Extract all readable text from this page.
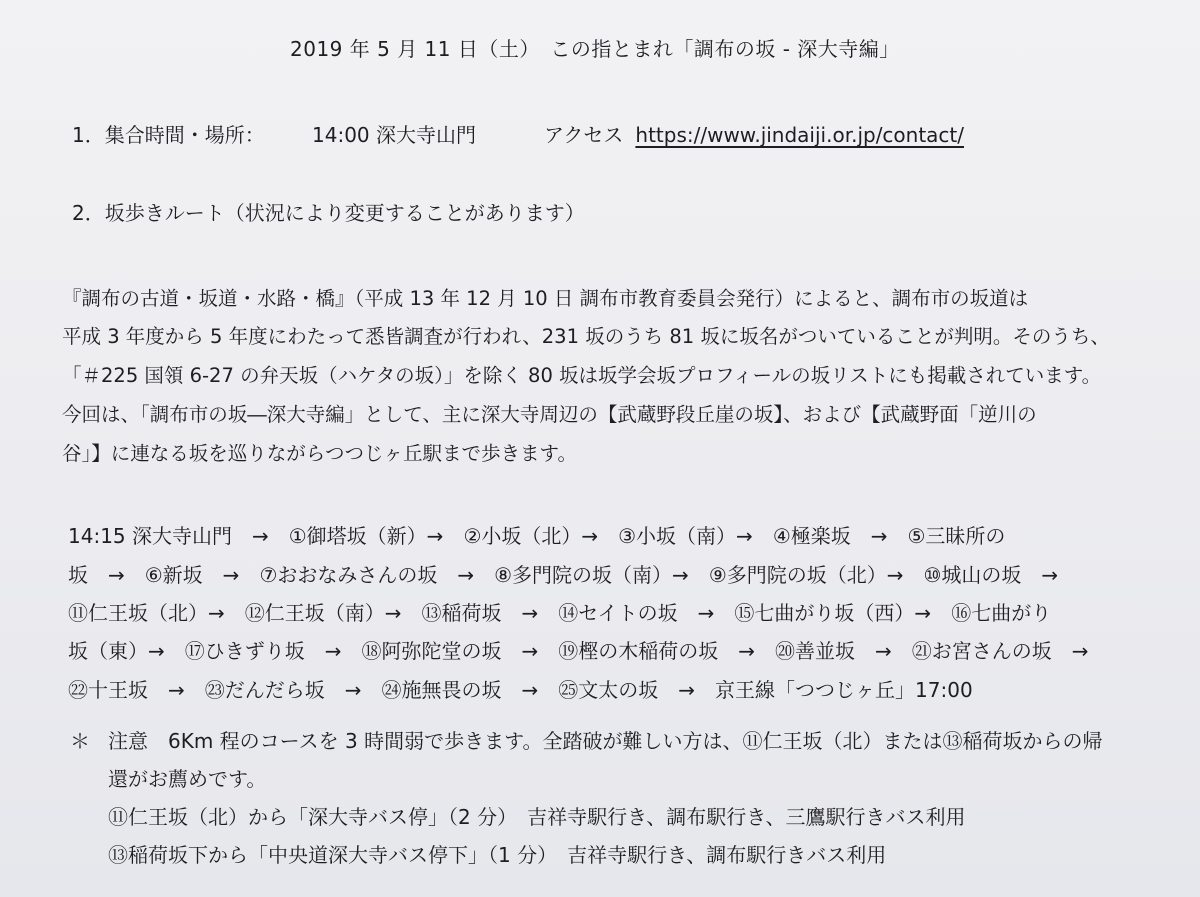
2019 年 5 月 11 日（土）　この指とまれ「調布の坂 - 深大寺編」
1．集合時間・場所： 14:00 深大寺山門	アクセス https://www.jindaiji.or.jp/contact/
2．坂歩きルート（状況により変更することがあります）
『調布の古道・坂道・水路・橋』（平成 13 年 12 月 10 日 調布市教育委員会発行）によると、調布市の坂道は
平成 3 年度から 5 年度にわたって悉皆調査が行われ、231 坂のうち 81 坂に坂名がついていることが判明。そのうち、
「＃225 国領 6-27 の弁天坂（ハケタの坂）」を除く 80 坂は坂学会坂プロフィールの坂リストにも掲載されています。
今回は、「調布市の坂―深大寺編」として、主に深大寺周辺の【武蔵野段丘崖の坂】、および【武蔵野面「逆川の
谷」】に連なる坂を巡りながらつつじヶ丘駅まで歩きます。
14:15 深大寺山門　→　①御塔坂（新）→　②小坂（北）→　③小坂（南）→　④極楽坂　→　⑤三昧所の
坂　→　⑥新坂　→　⑦おおなみさんの坂　→　⑧多門院の坂（南）→　⑨多門院の坂（北）→　⑩城山の坂　→
⑪仁王坂（北）→　⑫仁王坂（南）→　⑬稲荷坂　→　⑭セイトの坂　→　⑮七曲がり坂（西）→　⑯七曲がり
坂（東）→　⑰ひきずり坂　→　⑱阿弥陀堂の坂　→　⑲樫の木稲荷の坂　→　⑳善並坂　→　㉑お宮さんの坂　→
㉒十王坂　→　㉓だんだら坂　→　㉔施無畏の坂　→　㉕文太の坂　→　京王線「つつじヶ丘」17:00
＊ 注意　6Km 程のコースを 3 時間弱で歩きます。全踏破が難しい方は、⑪仁王坂（北）または⑬稲荷坂からの帰
還がお薦めです。
⑪仁王坂（北）から「深大寺バス停」（2 分）　吉祥寺駅行き、調布駅行き、三鷹駅行きバス利用
⑬稲荷坂下から「中央道深大寺バス停下」（1 分）　吉祥寺駅行き、調布駅行きバス利用
